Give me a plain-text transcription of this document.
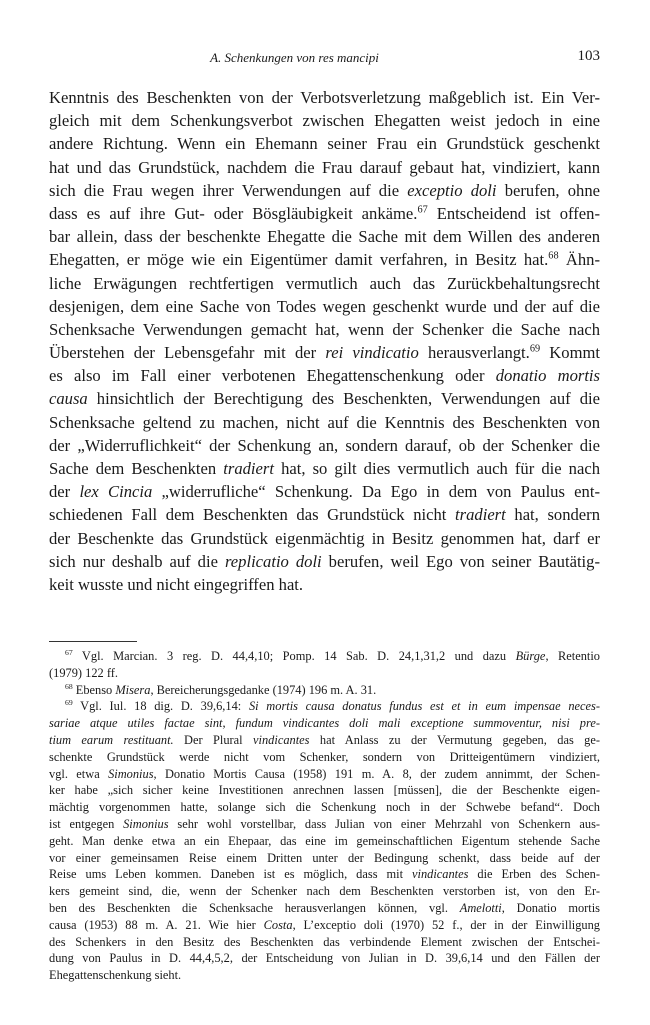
A. Schenkungen von res mancipi	103
Kenntnis des Beschenkten von der Verbotsverletzung maßgeblich ist. Ein Ver-
gleich mit dem Schenkungsverbot zwischen Ehegatten weist jedoch in eine
andere Richtung. Wenn ein Ehemann seiner Frau ein Grundstück geschenkt
hat und das Grundstück, nachdem die Frau darauf gebaut hat, vindiziert, kann
sich die Frau wegen ihrer Verwendungen auf die exceptio doli berufen, ohne
dass es auf ihre Gut- oder Bösgläubigkeit ankäme.$^{67}$ Entscheidend ist offen-
bar allein, dass der beschenkte Ehegatte die Sache mit dem Willen des anderen
Ehegatten, er möge wie ein Eigentümer damit verfahren, in Besitz hat.$^{68}$ Ähn-
liche Erwägungen rechtfertigen vermutlich auch das Zurückbehaltungsrecht
desjenigen, dem eine Sache von Todes wegen geschenkt wurde und der auf die
Schenksache Verwendungen gemacht hat, wenn der Schenker die Sache nach
Überstehen der Lebensgefahr mit der rei vindicatio herausverlangt.$^{69}$ Kommt
es also im Fall einer verbotenen Ehegattenschenkung oder donatio mortis
causa hinsichtlich der Berechtigung des Beschenkten, Verwendungen auf die
Schenksache geltend zu machen, nicht auf die Kenntnis des Beschenkten von
der „Widerruflichkeit“ der Schenkung an, sondern darauf, ob der Schenker die
Sache dem Beschenkten tradiert hat, so gilt dies vermutlich auch für die nach
der lex Cincia „widerrufliche“ Schenkung. Da Ego in dem von Paulus ent-
schiedenen Fall dem Beschenkten das Grundstück nicht tradiert hat, sondern
der Beschenkte das Grundstück eigenmächtig in Besitz genommen hat, darf er
sich nur deshalb auf die replicatio doli berufen, weil Ego von seiner Bautätig-
keit wusste und nicht eingegriffen hat.
$^{67}$ Vgl. Marcian. 3 reg. D. 44,4,10; Pomp. 14 Sab. D. 24,1,31,2 und dazu Bürge, Retentio
(1979) 122 ff.
$^{68}$ Ebenso Misera, Bereicherungsgedanke (1974) 196 m. A. 31.
$^{69}$ Vgl. Iul. 18 dig. D. 39,6,14: Si mortis causa donatus fundus est et in eum impensae neces-
sariae atque utiles factae sint, fundum vindicantes doli mali exceptione summoventur, nisi pre-
tium earum restituant. Der Plural vindicantes hat Anlass zu der Vermutung gegeben, das ge-
schenkte Grundstück werde nicht vom Schenker, sondern von Dritteigentümern vindiziert,
vgl. etwa Simonius, Donatio Mortis Causa (1958) 191 m. A. 8, der zudem annimmt, der Schen-
ker habe „sich sicher keine Investitionen anrechnen lassen [müssen], die der Beschenkte eigen-
mächtig vorgenommen hatte, solange sich die Schenkung noch in der Schwebe befand“. Doch
ist entgegen Simonius sehr wohl vorstellbar, dass Julian von einer Mehrzahl von Schenkern aus-
geht. Man denke etwa an ein Ehepaar, das eine im gemeinschaftlichen Eigentum stehende Sache
vor einer gemeinsamen Reise einem Dritten unter der Bedingung schenkt, dass beide auf der
Reise ums Leben kommen. Daneben ist es möglich, dass mit vindicantes die Erben des Schen-
kers gemeint sind, die, wenn der Schenker nach dem Beschenkten verstorben ist, von den Er-
ben des Beschenkten die Schenksache herausverlangen können, vgl. Amelotti, Donatio mortis
causa (1953) 88 m. A. 21. Wie hier Costa, L’exceptio doli (1970) 52 f., der in der Einwilligung
des Schenkers in den Besitz des Beschenkten das verbindende Element zwischen der Entschei-
dung von Paulus in D. 44,4,5,2, der Entscheidung von Julian in D. 39,6,14 und den Fällen der
Ehegattenschenkung sieht.
